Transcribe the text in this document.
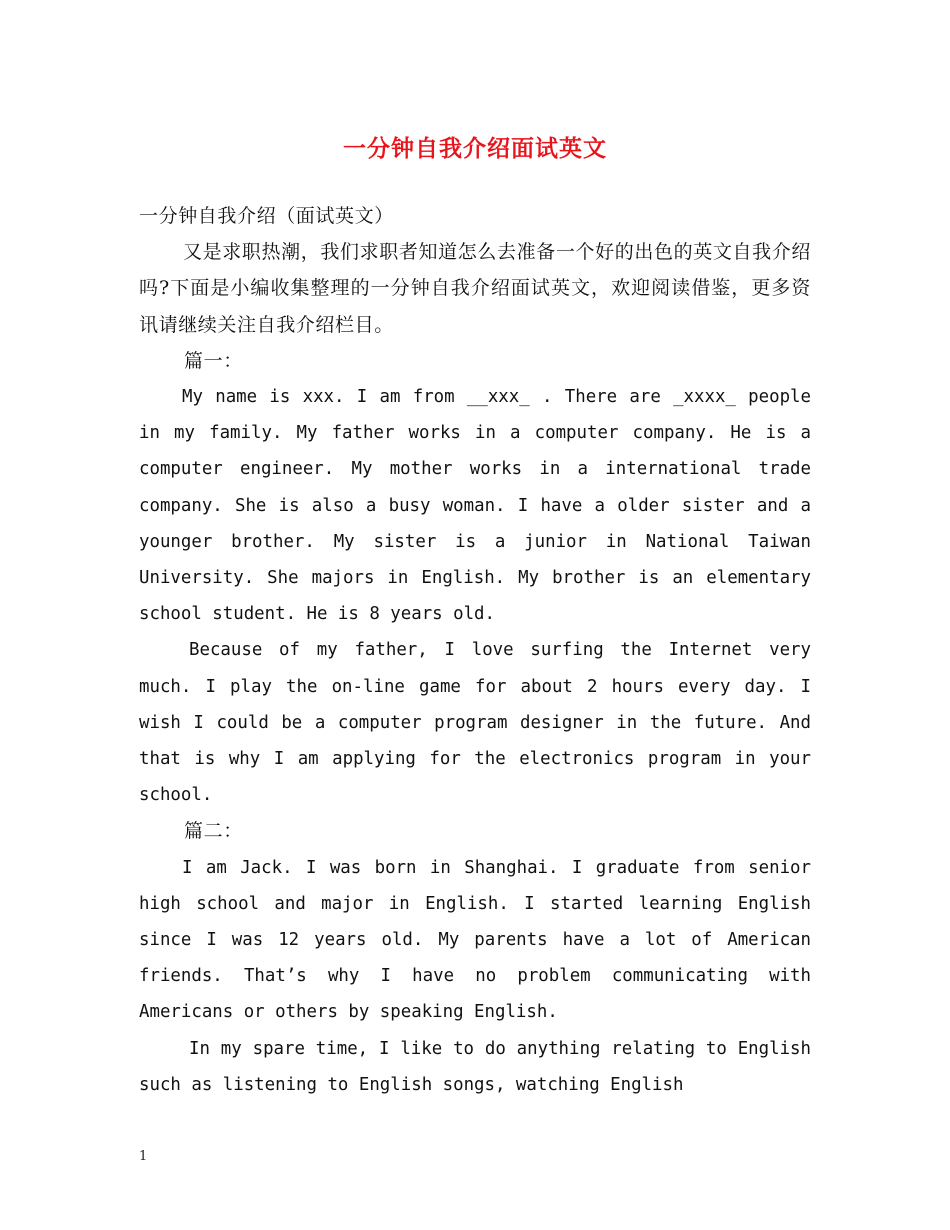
一分钟自我介绍面试英文

一分钟自我介绍（面试英文）

又是求职热潮，我们求职者知道怎么去准备一个好的出色的英文自我介绍吗?下面是小编收集整理的一分钟自我介绍面试英文，欢迎阅读借鉴，更多资讯请继续关注自我介绍栏目。

篇一：

My name is xxx. I am from __xxx_ . There are _xxxx_ people in my family. My father works in a computer company. He is a computer engineer. My mother works in a international trade company. She is also a busy woman. I have a older sister and a younger brother. My sister is a junior in National Taiwan University. She majors in English. My brother is an elementary school student. He is 8 years old.

Because of my father, I love surfing the Internet very much. I play the on-line game for about 2 hours every day. I wish I could be a computer program designer in the future. And that is why I am applying for the electronics program in your school.

篇二：

I am Jack. I was born in Shanghai. I graduate from senior high school and major in English. I started learning English since I was 12 years old. My parents have a lot of American friends. That’s why I have no problem communicating with Americans or others by speaking English.

In my spare time, I like to do anything relating to English such as listening to English songs, watching English

1
